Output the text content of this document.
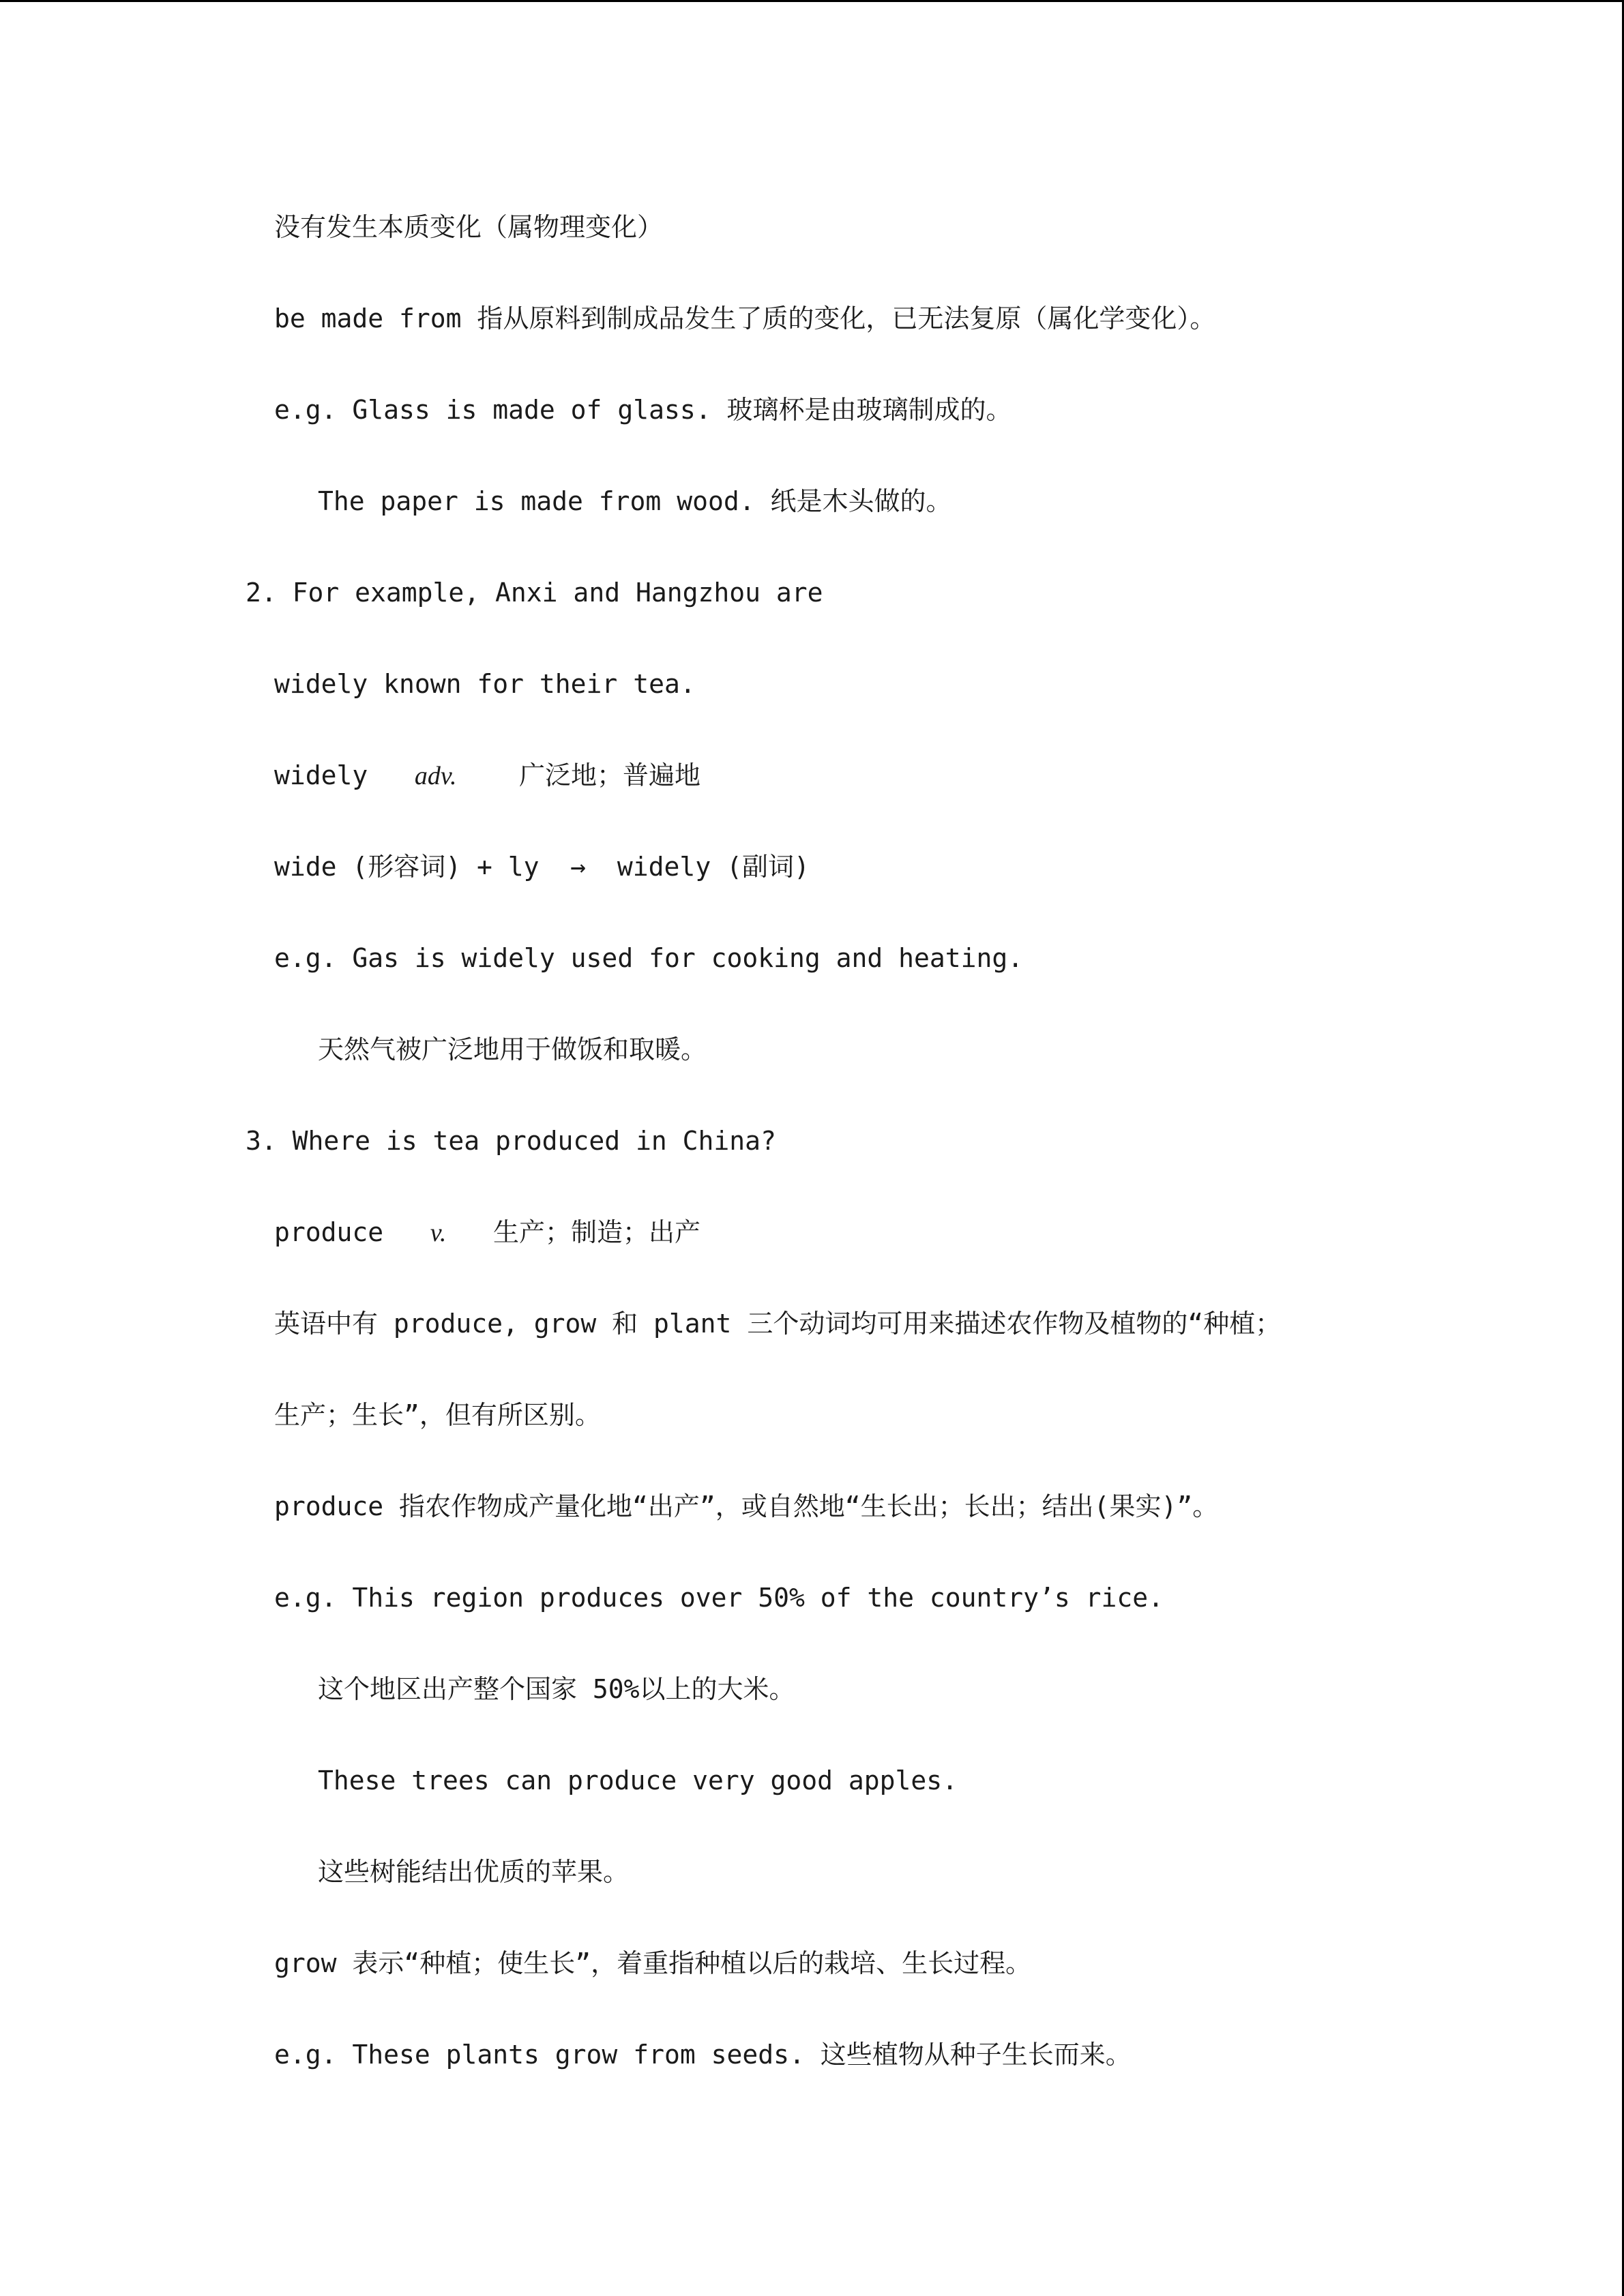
没有发生本质变化（属物理变化）
be made from 指从原料到制成品发生了质的变化，已无法复原（属化学变化）。
e.g. Glass is made of glass. 玻璃杯是由玻璃制成的。
The paper is made from wood. 纸是木头做的。
2. For example, Anxi and Hangzhou are
widely known for their tea.
widely adv. 广泛地；普遍地
wide (形容词) + ly  →  widely (副词)
e.g. Gas is widely used for cooking and heating.
天然气被广泛地用于做饭和取暖。
3. Where is tea produced in China?
produce v. 生产；制造；出产
英语中有 produce, grow 和 plant 三个动词均可用来描述农作物及植物的“种植；
生产；生长”，但有所区别。
produce 指农作物成产量化地“出产”，或自然地“生长出；长出；结出(果实)”。
e.g. This region produces over 50% of the country’s rice.
这个地区出产整个国家 50%以上的大米。
These trees can produce very good apples.
这些树能结出优质的苹果。
grow 表示“种植；使生长”，着重指种植以后的栽培、生长过程。
e.g. These plants grow from seeds. 这些植物从种子生长而来。
